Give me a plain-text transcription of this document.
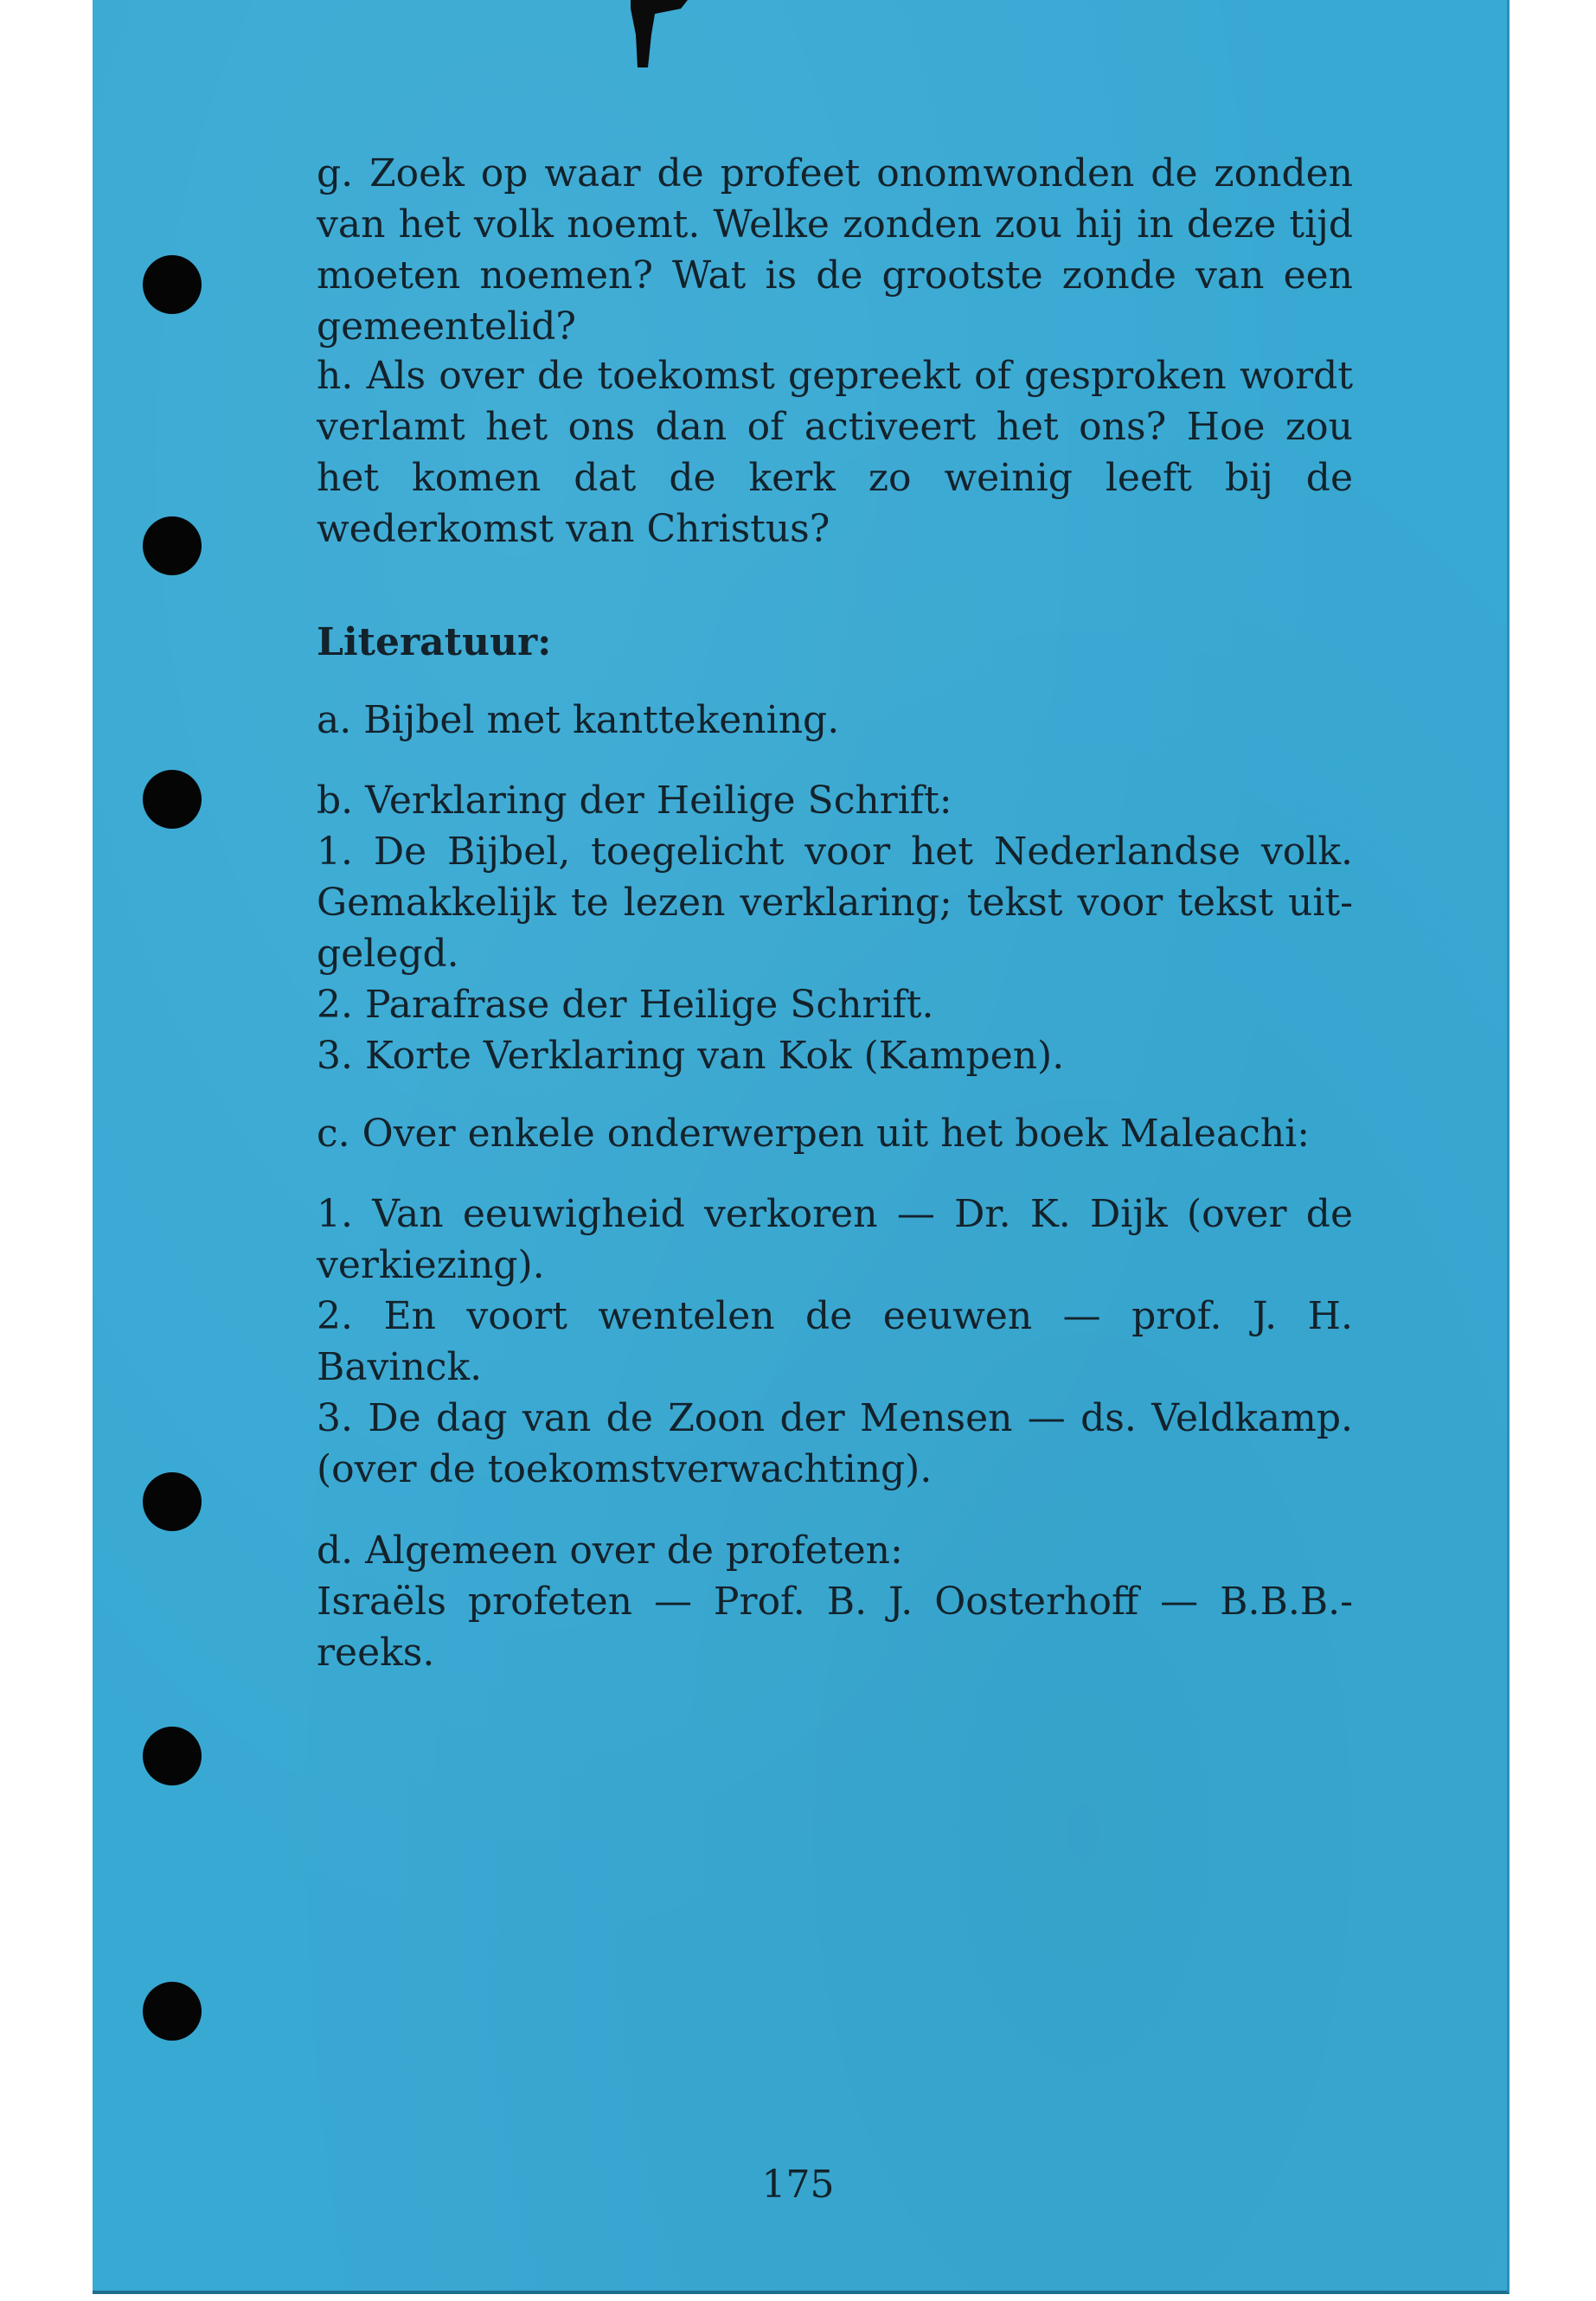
g. Zoek op waar de profeet onomwonden de zonden van het volk noemt. Welke zonden zou hij in deze tijd moeten noemen? Wat is de grootste zonde van een gemeentelid?

h. Als over de toekomst gepreekt of gesproken wordt verlamt het ons dan of activeert het ons? Hoe zou het komen dat de kerk zo weinig leeft bij de wederkomst van Christus?

Literatuur:

a. Bijbel met kanttekening.

b. Verklaring der Heilige Schrift:

1. De Bijbel, toegelicht voor het Nederlandse volk. Gemakkelijk te lezen verklaring; tekst voor tekst uit-gelegd.

2. Parafrase der Heilige Schrift.

3. Korte Verklaring van Kok (Kampen).

c. Over enkele onderwerpen uit het boek Maleachi:

1. Van eeuwigheid verkoren — Dr. K. Dijk (over de verkiezing).

2. En voort wentelen de eeuwen — prof. J. H. Bavinck.

3. De dag van de Zoon der Mensen — ds. Veldkamp. (over de toekomstverwachting).

d. Algemeen over de profeten:

Israëls profeten — Prof. B. J. Oosterhoff — B.B.B.-reeks.

175
